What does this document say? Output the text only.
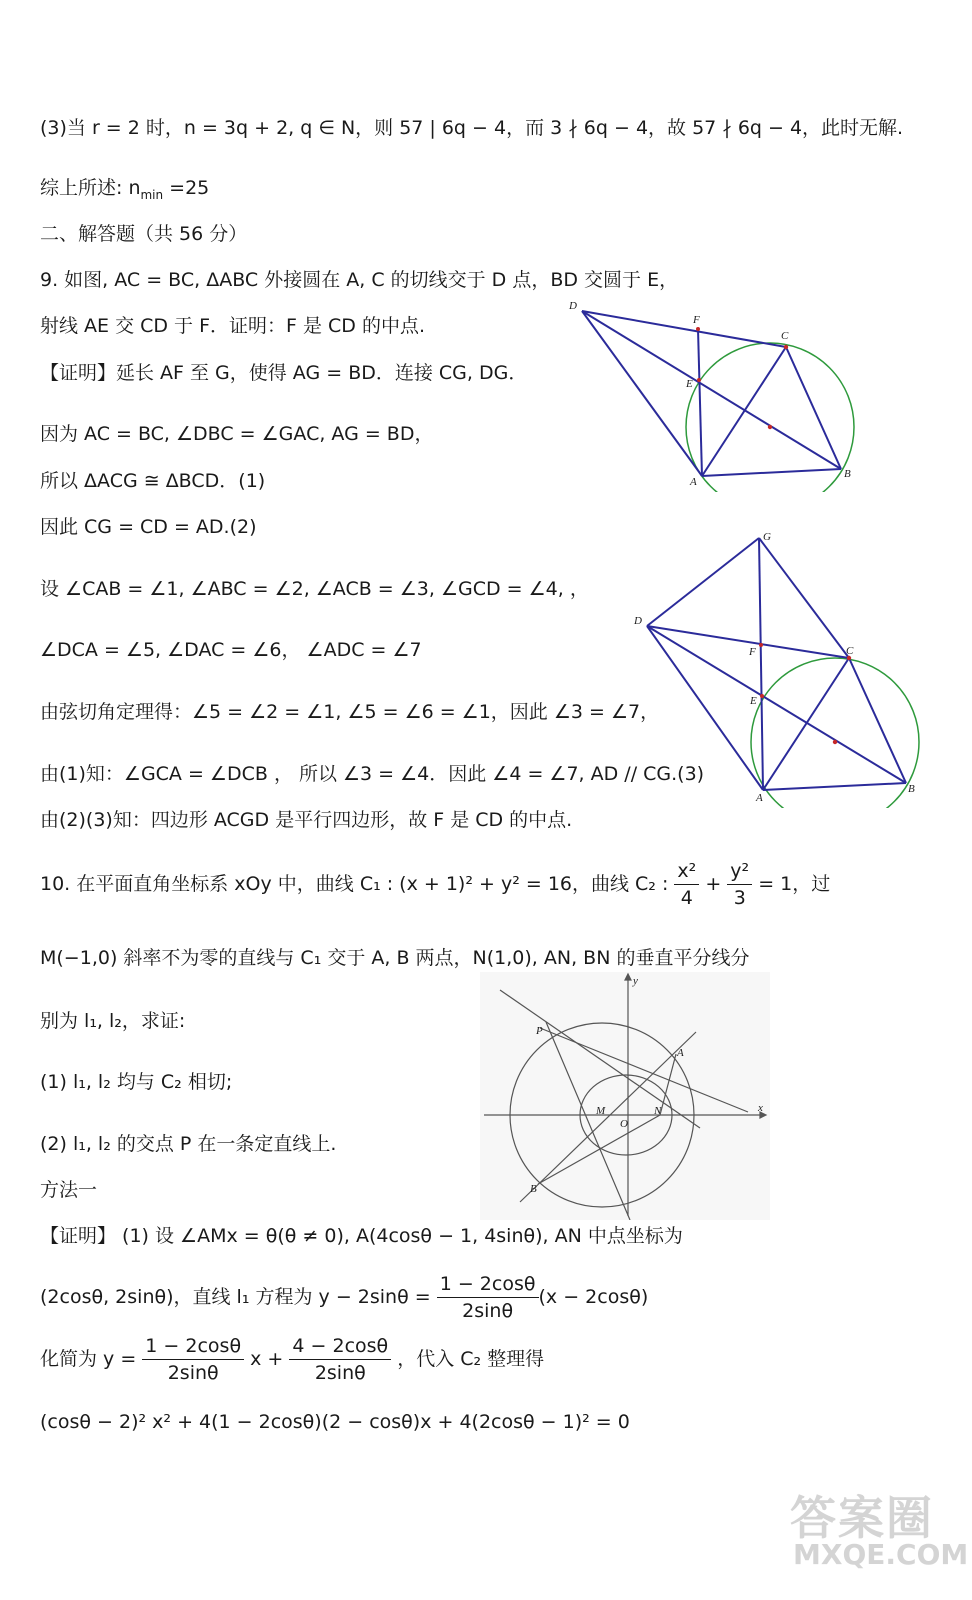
(3)当 r = 2 时，n = 3q + 2, q ∈ N，则 57 | 6q − 4，而 3 ∤ 6q − 4，故 57 ∤ 6q − 4，此时无解.
综上所述: $n_{min} =25$
二、解答题（共 56 分）
9. 如图, AC = BC, ΔABC 外接圆在 A, C 的切线交于 D 点，BD 交圆于 E，
射线 AE 交 CD 于 F．证明：F 是 CD 的中点.
【证明】延长 AF 至 G，使得 AG = BD．连接 CG, DG．
因为 AC = BC, ∠DBC = ∠GAC, AG = BD，
所以 ΔACG ≅ ΔBCD．(1)
因此 CG = CD = AD.(2)
设 ∠CAB = ∠1, ∠ABC = ∠2, ∠ACB = ∠3, ∠GCD = ∠4, ，
∠DCA = ∠5, ∠DAC = ∠6， ∠ADC = ∠7
由弦切角定理得：∠5 = ∠2 = ∠1, ∠5 = ∠6 = ∠1，因此 ∠3 = ∠7，
由(1)知：∠GCA = ∠DCB ， 所以 ∠3 = ∠4．因此 ∠4 = ∠7, AD // CG.(3)
由(2)(3)知：四边形 ACGD 是平行四边形，故 F 是 CD 的中点.
10. 在平面直角坐标系 xOy 中，曲线 C₁ : (x + 1)² + y² = 16，曲线 C₂ : $\frac{\text{x²}}{4} + \frac{\text{y²}}{3} = 1$，过
M(−1,0) 斜率不为零的直线与 C₁ 交于 A, B 两点，N(1,0), AN, BN 的垂直平分线分
别为 l₁, l₂，求证:
(1) l₁, l₂ 均与 C₂ 相切;
(2) l₁, l₂ 的交点 P 在一条定直线上.
方法一
【证明】 (1) 设 ∠AMx = θ(θ ≠ 0), A(4cosθ − 1, 4sinθ), AN 中点坐标为
(2cosθ, 2sinθ)，直线 l₁ 方程为 $y - 2\sin\theta = \frac{1 - 2\cos\theta}{2\sin\theta} (x - 2\cos\theta)$
化简为 $y = \frac{1 - 2\cos\theta}{2\sin\theta}$ $x + \frac{4 - 2\cos\theta}{2\sin\theta}$ ，代入 C₂ 整理得
(cosθ − 2)² x² + 4(1 − 2cosθ)(2 − cosθ)x + 4(2cosθ − 1)² = 0
D
F
C
E
A
B
G
D
F	C
E
A
B
y
x
P
A
M
O
N
B
答案圈
MXQE.COM
